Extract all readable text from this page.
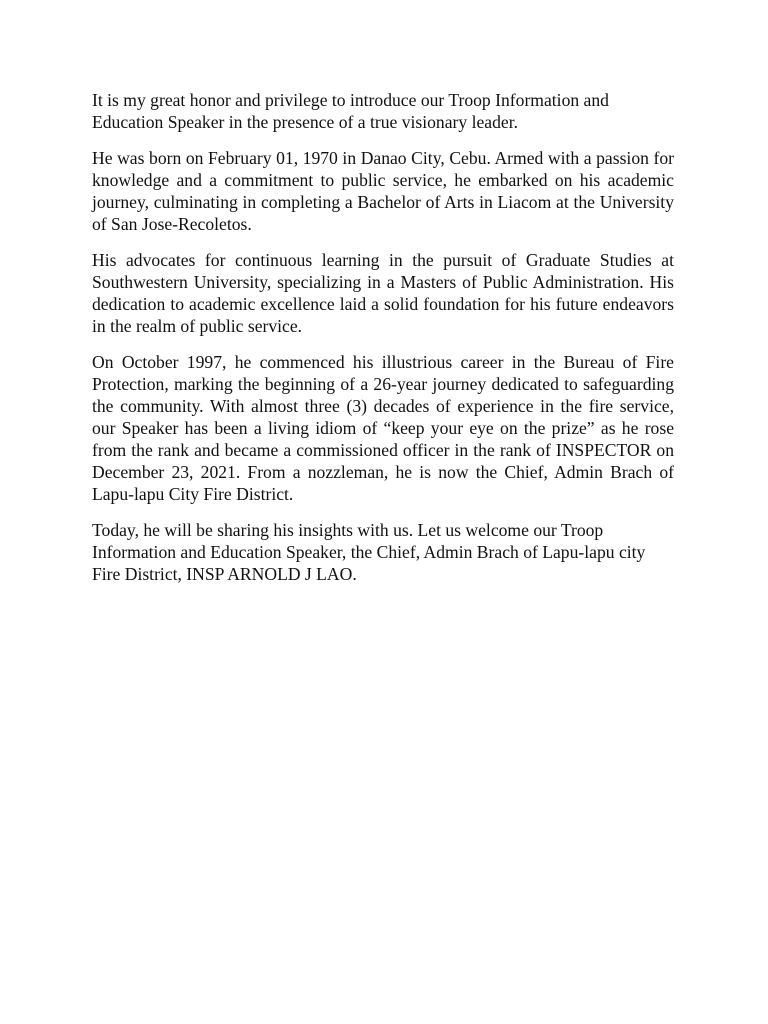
It is my great honor and privilege to introduce our Troop Information and Education Speaker in the presence of a true visionary leader.

He was born on February 01, 1970 in Danao City, Cebu. Armed with a passion for knowledge and a commitment to public service, he embarked on his academic journey, culminating in completing a Bachelor of Arts in Liacom at the University of San Jose-Recoletos.

His advocates for continuous learning in the pursuit of Graduate Studies at Southwestern University, specializing in a Masters of Public Administration. His dedication to academic excellence laid a solid foundation for his future endeavors in the realm of public service.

On October 1997, he commenced his illustrious career in the Bureau of Fire Protection, marking the beginning of a 26-year journey dedicated to safeguarding the community. With almost three (3) decades of experience in the fire service, our Speaker has been a living idiom of “keep your eye on the prize” as he rose from the rank and became a commissioned officer in the rank of INSPECTOR on December 23, 2021. From a nozzleman, he is now the Chief, Admin Brach of Lapu-lapu City Fire District.

Today, he will be sharing his insights with us. Let us welcome our Troop Information and Education Speaker, the Chief, Admin Brach of Lapu-lapu city Fire District, INSP ARNOLD J LAO.
